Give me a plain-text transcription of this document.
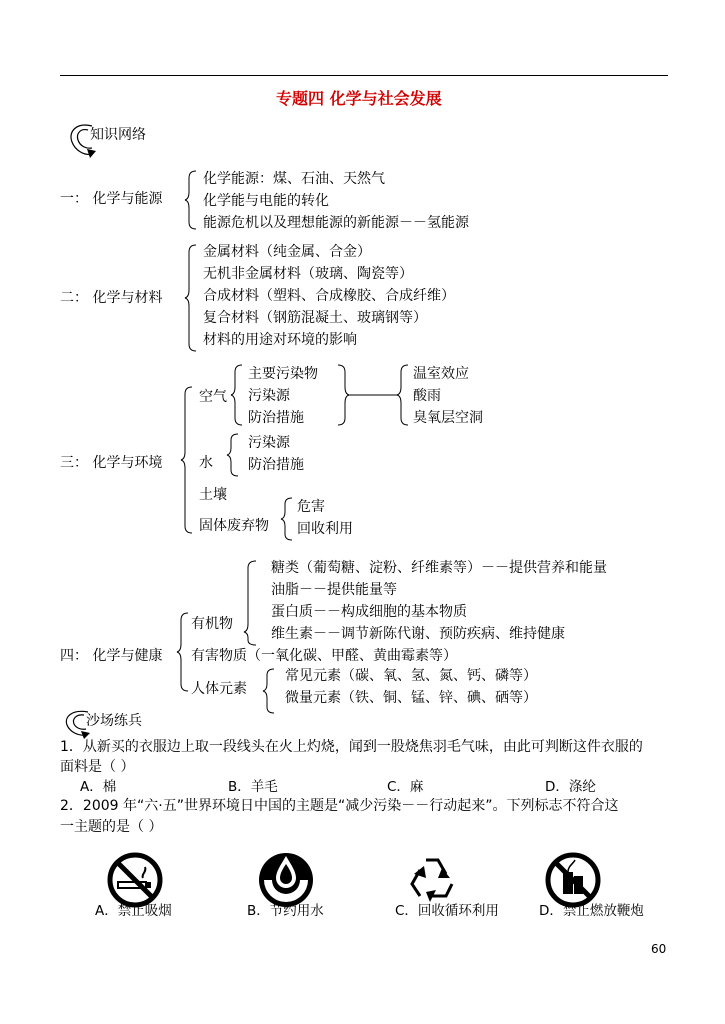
专题四 化学与社会发展
知识网络
一： 化学与能源
化学能源：煤、石油、天然气
化学能与电能的转化
能源危机以及理想能源的新能源－－氢能源
二： 化学与材料
金属材料（纯金属、合金）
无机非金属材料（玻璃、陶瓷等）
合成材料（塑料、合成橡胶、合成纤维）
复合材料（钢筋混凝土、玻璃钢等）
材料的用途对环境的影响
三： 化学与环境
空气
主要污染物
污染源
防治措施
温室效应
酸雨
臭氧层空洞
水
污染源
防治措施
土壤
固体废弃物
危害
回收利用
四： 化学与健康
有机物
糖类（葡萄糖、淀粉、纤维素等）－－提供营养和能量
油脂－－提供能量等
蛋白质－－构成细胞的基本物质
维生素－－调节新陈代谢、预防疾病、维持健康
有害物质（一氧化碳、甲醛、黄曲霉素等）
人体元素
常见元素（碳、氧、氢、氮、钙、磷等）
微量元素（铁、铜、锰、锌、碘、硒等）
沙场练兵
1．从新买的衣服边上取一段线头在火上灼烧，闻到一股烧焦羽毛气味，由此可判断这件衣服的
面料是（ ）
A．棉	B．羊毛	C．麻	D．涤纶
2．2009 年“六·五”世界环境日中国的主题是“减少污染－－行动起来”。下列标志不符合这
一主题的是（ ）
A．禁止吸烟	B．节约用水	C．回收循环利用	D．禁止燃放鞭炮
60
